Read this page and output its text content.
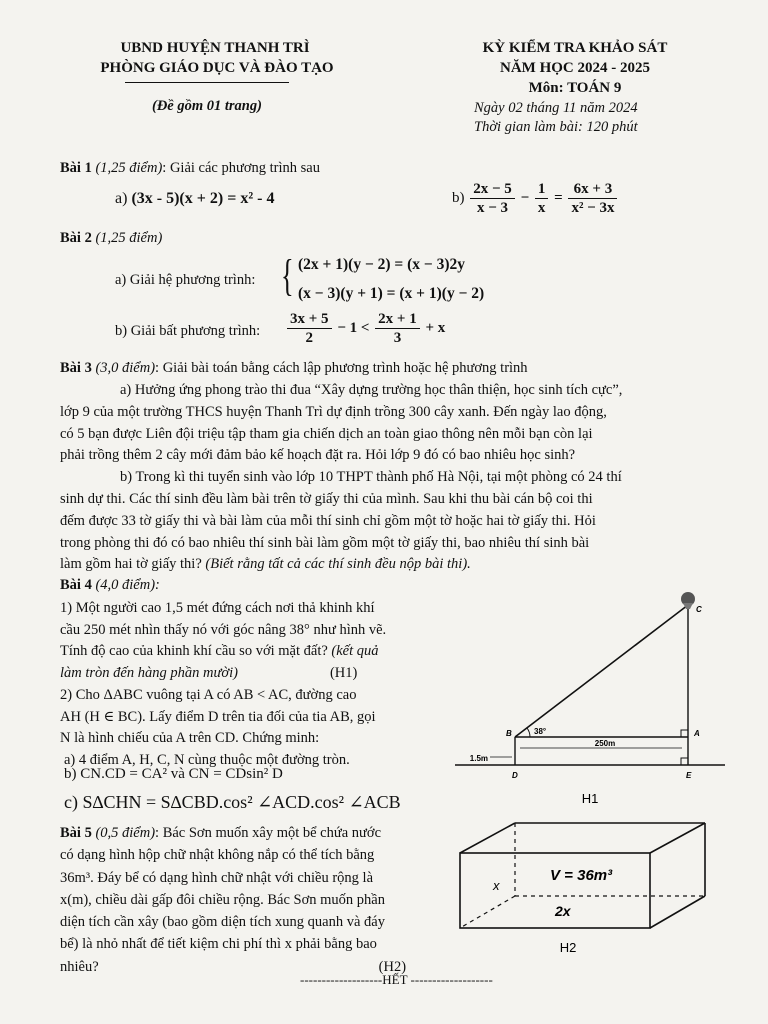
UBND HUYỆN THANH TRÌ
PHÒNG GIÁO DỤC VÀ ĐÀO TẠO
(Đề gồm 01 trang)
KỲ KIỂM TRA KHẢO SÁT
NĂM HỌC 2024 - 2025
Môn: TOÁN 9
Ngày 02 tháng 11 năm 2024
Thời gian làm bài: 120 phút
Bài 1 (1,25 điểm): Giải các phương trình sau
a) (3x - 5)(x + 2) = x² - 4	$b) \frac{2x - 5}{x - 3} - \frac{1}{x} = \frac{6x + 3}{\text{x² − 3x}}$
Bài 2 (1,25 điểm)
a) Giải hệ phương trình: { (2x + 1)(y − 2) = (x − 3)2y
(x − 3)(y + 1) = (x + 1)(y − 2)
b) Giải bất phương trình: $\frac{3x + 5}{2} - 1 < \frac{2x + 1}{3} + x$
Bài 3 (3,0 điểm): Giải bài toán bằng cách lập phương trình hoặc hệ phương trình
a) Hưởng ứng phong trào thi đua “Xây dựng trường học thân thiện, học sinh tích cực”,
lớp 9 của một trường THCS huyện Thanh Trì dự định trồng 300 cây xanh. Đến ngày lao động,
có 5 bạn được Liên đội triệu tập tham gia chiến dịch an toàn giao thông nên mỗi bạn còn lại
phải trồng thêm 2 cây mới đảm bảo kế hoạch đặt ra. Hỏi lớp 9 đó có bao nhiêu học sinh?
b) Trong kì thi tuyển sinh vào lớp 10 THPT thành phố Hà Nội, tại một phòng có 24 thí
sinh dự thi. Các thí sinh đều làm bài trên tờ giấy thi của mình. Sau khi thu bài cán bộ coi thi
đếm được 33 tờ giấy thi và bài làm của mỗi thí sinh chỉ gồm một tờ hoặc hai tờ giấy thi. Hỏi
trong phòng thi đó có bao nhiêu thí sinh bài làm gồm một tờ giấy thi, bao nhiêu thí sinh bài
làm gồm hai tờ giấy thi? (Biết rằng tất cả các thí sinh đều nộp bài thi).
Bài 4 (4,0 điểm):
1) Một người cao 1,5 mét đứng cách nơi thả khinh khí
cầu 250 mét nhìn thấy nó với góc nâng 38° như hình vẽ.
Tính độ cao của khinh khí cầu so với mặt đất? (kết quả
làm tròn đến hàng phần mười)	(H1)
2) Cho ΔABC vuông tại A có AB < AC, đường cao
AH (H ∈ BC). Lấy điểm D trên tia đối của tia AB, gọi
N là hình chiếu của A trên CD. Chứng minh:
a) 4 điểm A, H, C, N cùng thuộc một đường tròn.
b) CN.CD = CA² và CN = CDsin² D
c) S∆CHN = S∆CBD.cos² ∠ACD.cos² ∠ACB
Bài 5 (0,5 điểm): Bác Sơn muốn xây một bể chứa nước
có dạng hình hộp chữ nhật không nắp có thể tích bằng
36m³. Đáy bể có dạng hình chữ nhật với chiều rộng là
x(m), chiều dài gấp đôi chiều rộng. Bác Sơn muốn phần
diện tích cần xây (bao gồm diện tích xung quanh và đáy
bể) là nhỏ nhất để tiết kiệm chi phí thì x phải bằng bao
nhiêu?	(H2)
250m
1.5m
38°
C
B	A
D	E
H1
V = 36m³
2x
x
H2
-------------------HẾT -------------------
